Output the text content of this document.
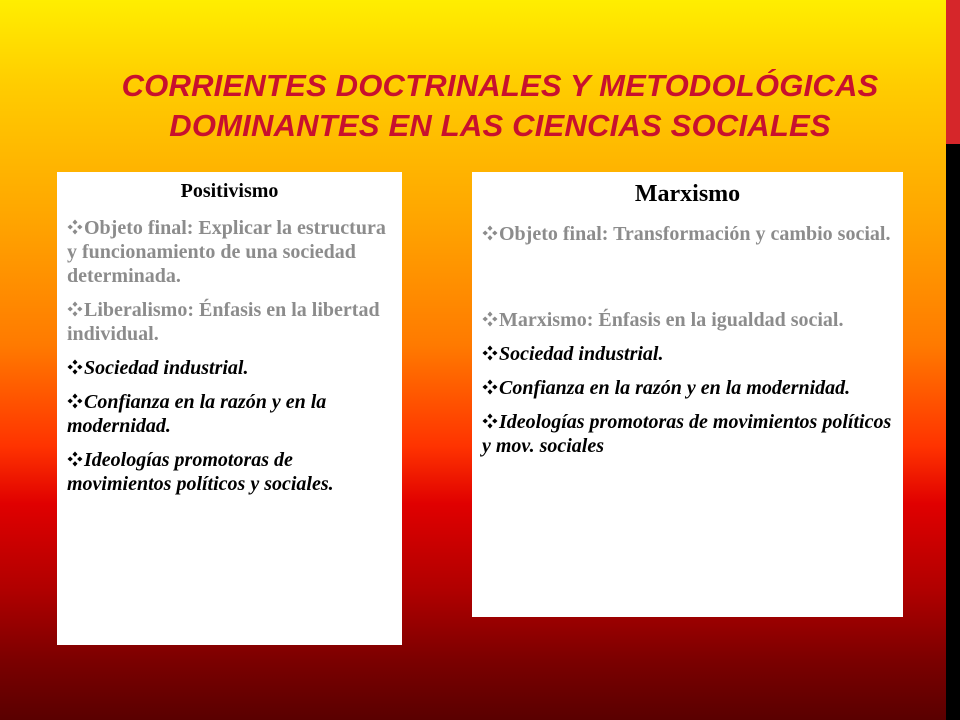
CORRIENTES DOCTRINALES Y METODOLÓGICAS
DOMINANTES EN LAS CIENCIAS SOCIALES
Positivismo
Objeto final: Explicar la estructura y funcionamiento de una sociedad determinada.
Liberalismo: Énfasis en la libertad individual.
Sociedad industrial.
Confianza en la razón y en la modernidad.
Ideologías promotoras de movimientos políticos y sociales.
Marxismo
Objeto final: Transformación y cambio social.
Marxismo: Énfasis en la igualdad social.
Sociedad industrial.
Confianza en la razón y en la modernidad.
Ideologías promotoras de movimientos políticos y mov. sociales
